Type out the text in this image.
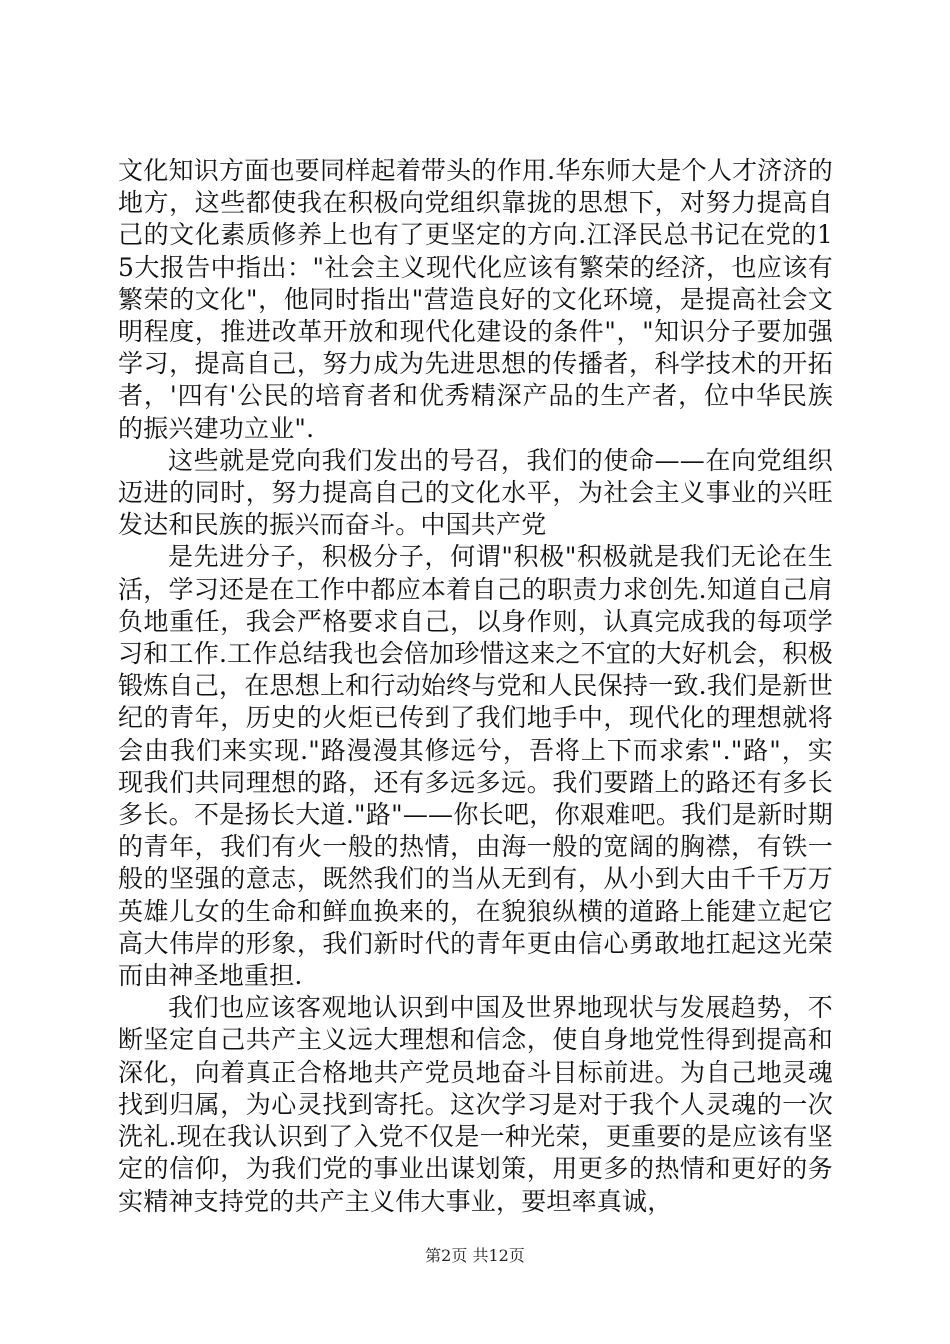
文化知识方面也要同样起着带头的作用.华东师大是个人才济济的地方，这些都使我在积极向党组织靠拢的思想下，对努力提高自己的文化素质修养上也有了更坚定的方向.江泽民总书记在党的15大报告中指出："社会主义现代化应该有繁荣的经济，也应该有繁荣的文化"，他同时指出"营造良好的文化环境，是提高社会文明程度，推进改革开放和现代化建设的条件"，"知识分子要加强学习，提高自己，努力成为先进思想的传播者，科学技术的开拓者，'四有'公民的培育者和优秀精深产品的生产者，位中华民族的振兴建功立业".

这些就是党向我们发出的号召，我们的使命——在向党组织迈进的同时，努力提高自己的文化水平，为社会主义事业的兴旺发达和民族的振兴而奋斗。中国共产党

是先进分子，积极分子，何谓"积极"积极就是我们无论在生活，学习还是在工作中都应本着自己的职责力求创先.知道自己肩负地重任，我会严格要求自己，以身作则，认真完成我的每项学习和工作.工作总结我也会倍加珍惜这来之不宜的大好机会，积极锻炼自己，在思想上和行动始终与党和人民保持一致.我们是新世纪的青年，历史的火炬已传到了我们地手中，现代化的理想就将会由我们来实现."路漫漫其修远兮，吾将上下而求索"."路"，实现我们共同理想的路，还有多远多远。我们要踏上的路还有多长多长。不是扬长大道."路"——你长吧，你艰难吧。我们是新时期的青年，我们有火一般的热情，由海一般的宽阔的胸襟，有铁一般的坚强的意志，既然我们的当从无到有，从小到大由千千万万英雄儿女的生命和鲜血换来的，在貌狼纵横的道路上能建立起它高大伟岸的形象，我们新时代的青年更由信心勇敢地扛起这光荣而由神圣地重担.

我们也应该客观地认识到中国及世界地现状与发展趋势，不断坚定自己共产主义远大理想和信念，使自身地党性得到提高和深化，向着真正合格地共产党员地奋斗目标前进。为自己地灵魂找到归属，为心灵找到寄托。这次学习是对于我个人灵魂的一次洗礼.现在我认识到了入党不仅是一种光荣，更重要的是应该有坚定的信仰，为我们党的事业出谋划策，用更多的热情和更好的务实精神支持党的共产主义伟大事业，要坦率真诚，

第2页 共12页
